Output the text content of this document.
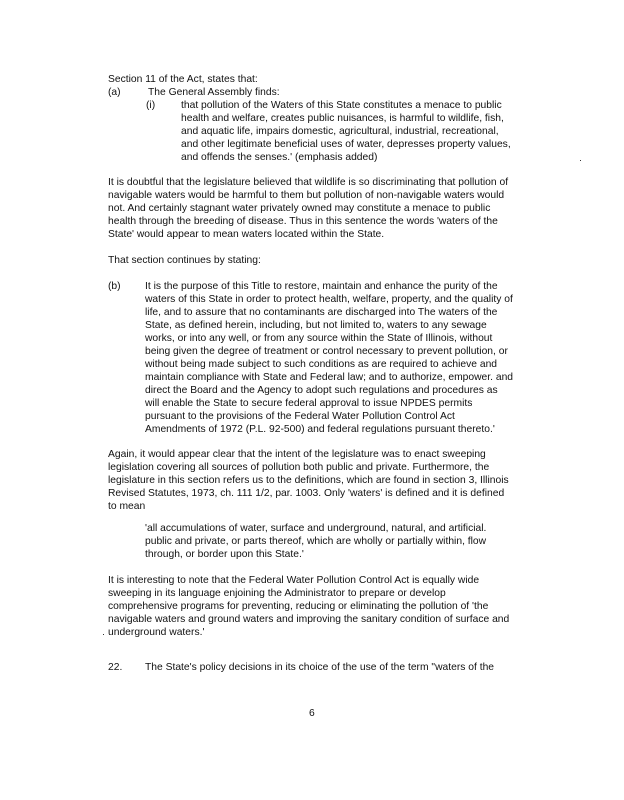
Section 11 of the Act, states that:
(a)	The General Assembly finds:
(i)	that pollution of the Waters of this State constitutes a menace to public
health and welfare, creates public nuisances, is harmful to wildlife, fish,
and aquatic life, impairs domestic, agricultural, industrial, recreational,
and other legitimate beneficial uses of water, depresses property values,
and offends the senses.' (emphasis added)
It is doubtful that the legislature believed that wildlife is so discriminating that pollution of
navigable waters would be harmful to them but pollution of non-navigable waters would
not. And certainly stagnant water privately owned may constitute a menace to public
health through the breeding of disease. Thus in this sentence the words 'waters of the
State' would appear to mean waters located within the State.
That section continues by stating:
(b) It is the purpose of this Title to restore, maintain and enhance the purity of the
waters of this State in order to protect health, welfare, property, and the quality of
life, and to assure that no contaminants are discharged into The waters of the
State, as defined herein, including, but not limited to, waters to any sewage
works, or into any well, or from any source within the State of Illinois, without
being given the degree of treatment or control necessary to prevent pollution, or
without being made subject to such conditions as are required to achieve and
maintain compliance with State and Federal law; and to authorize, empower. and
direct the Board and the Agency to adopt such regulations and procedures as
will enable the State to secure federal approval to issue NPDES permits
pursuant to the provisions of the Federal Water Pollution Control Act
Amendments of 1972 (P.L. 92-500) and federal regulations pursuant thereto.'
Again, it would appear clear that the intent of the legislature was to enact sweeping
legislation covering all sources of pollution both public and private. Furthermore, the
legislature in this section refers us to the definitions, which are found in section 3, Illinois
Revised Statutes, 1973, ch. 111 1/2, par. 1003. Only 'waters' is defined and it is defined
to mean
'all accumulations of water, surface and underground, natural, and artificial.
public and private, or parts thereof, which are wholly or partially within, flow
through, or border upon this State.'
It is interesting to note that the Federal Water Pollution Control Act is equally wide
sweeping in its language enjoining the Administrator to prepare or develop
comprehensive programs for preventing, reducing or eliminating the pollution of 'the
navigable waters and ground waters and improving the sanitary condition of surface and
underground waters.'
22. The State's policy decisions in its choice of the use of the term "waters of the
6
